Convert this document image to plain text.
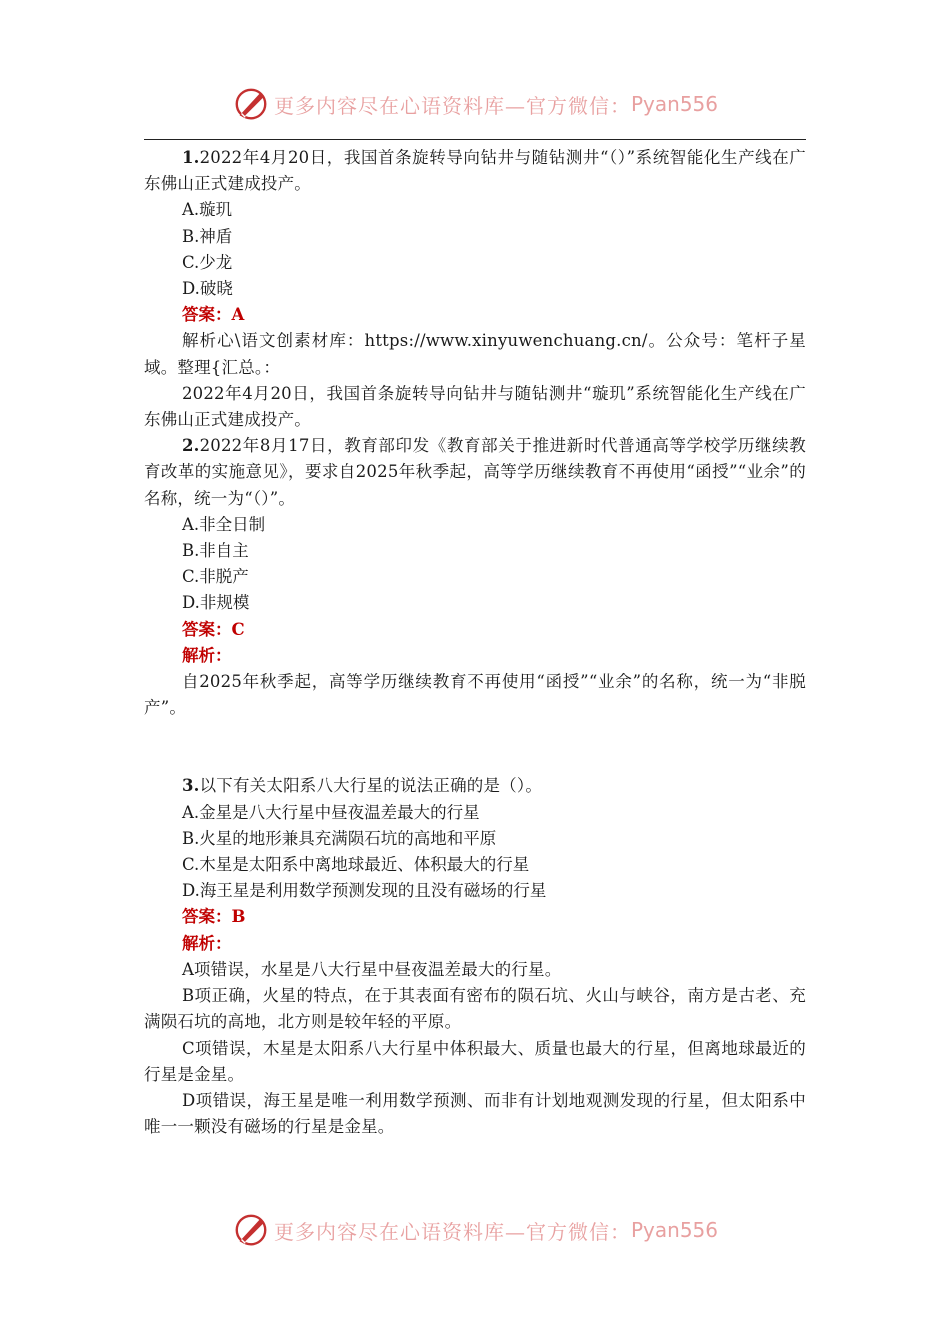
更多内容尽在心语资料库—官方微信： Pyan556

1.2022年4月20日，我国首条旋转导向钻井与随钻测井“（）”系统智能化生产线在广东佛山正式建成投产。

A.璇玑

B.神盾

C.少龙

D.破晓

答案：A

解析心\语文创素材库：https://www.xinyuwenchuang.cn/。公众号：笔杆子星域。整理{汇总。：

2022年4月20日，我国首条旋转导向钻井与随钻测井“璇玑”系统智能化生产线在广东佛山正式建成投产。

2.2022年8月17日，教育部印发《教育部关于推进新时代普通高等学校学历继续教育改革的实施意见》，要求自2025年秋季起，高等学历继续教育不再使用“函授”“业余”的名称，统一为“（）”。

A.非全日制

B.非自主

C.非脱产

D.非规模

答案：C

解析：

自2025年秋季起，高等学历继续教育不再使用“函授”“业余”的名称，统一为“非脱产”。

3.以下有关太阳系八大行星的说法正确的是（）。

A.金星是八大行星中昼夜温差最大的行星

B.火星的地形兼具充满陨石坑的高地和平原

C.木星是太阳系中离地球最近、体积最大的行星

D.海王星是利用数学预测发现的且没有磁场的行星

答案：B

解析：

A项错误，水星是八大行星中昼夜温差最大的行星。

B项正确，火星的特点，在于其表面有密布的陨石坑、火山与峡谷，南方是古老、充满陨石坑的高地，北方则是较年轻的平原。

C项错误，木星是太阳系八大行星中体积最大、质量也最大的行星，但离地球最近的行星是金星。

D项错误，海王星是唯一利用数学预测、而非有计划地观测发现的行星，但太阳系中唯一一颗没有磁场的行星是金星。

更多内容尽在心语资料库—官方微信： Pyan556
